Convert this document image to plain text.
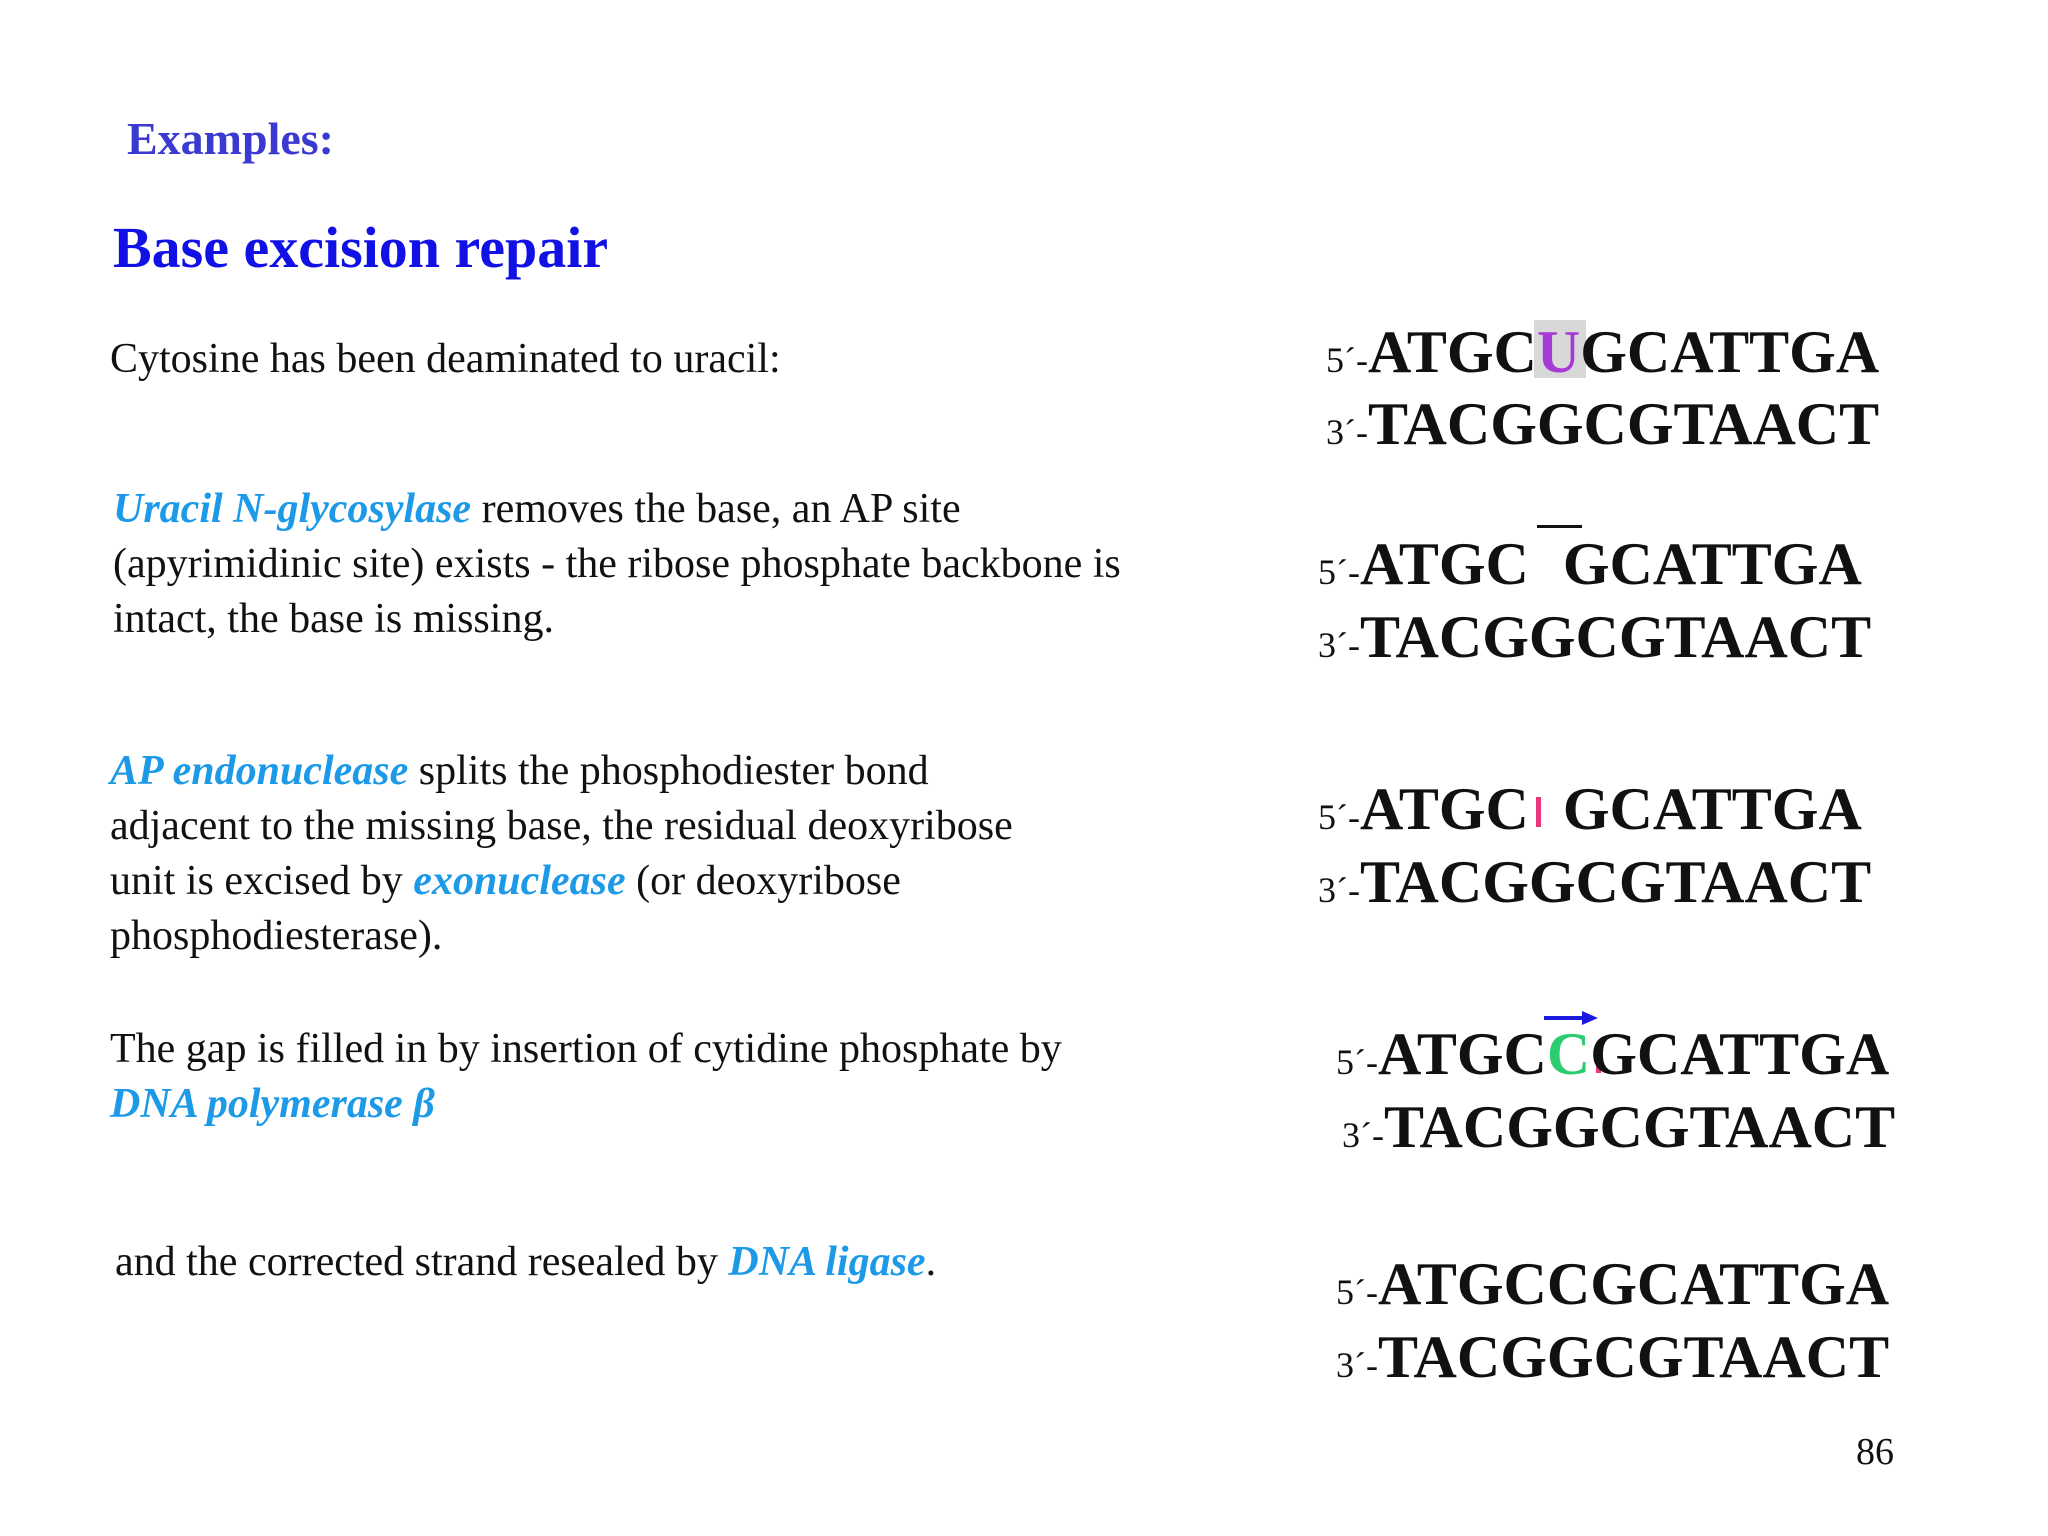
Examples:
Base excision repair
Cytosine has been deaminated to uracil:	5´-ATGCUGCATTGA
3´-TACGGCGTAACT
Uracil N-glycosylase removes the base, an AP site
(apyrimidinic site) exists - the ribose phosphate backbone is
intact, the base is missing.
5´-ATGC GCATTGA
3´-TACGGCGTAACT
AP endonuclease splits the phosphodiester bond
adjacent to the missing base, the residual deoxyribose
unit is excised by exonuclease (or deoxyribose
phosphodiesterase).
5´-ATGC GCATTGA
3´-TACGGCGTAACT
The gap is filled in by insertion of cytidine phosphate by
DNA polymerase β
5´-ATGCCGCATTGA
3´-TACGGCGTAACT
and the corrected strand resealed by DNA ligase.
5´-ATGCCGCATTGA
3´-TACGGCGTAACT
86
